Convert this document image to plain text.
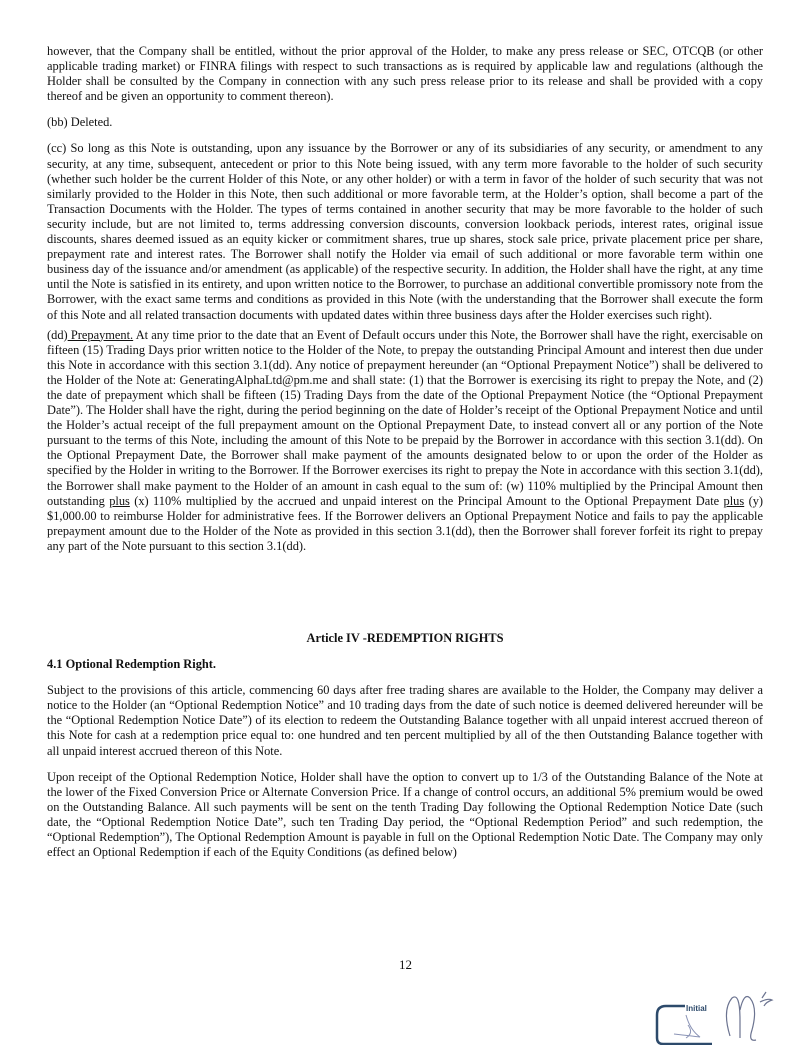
however, that the Company shall be entitled, without the prior approval of the Holder, to make any press release or SEC, OTCQB (or other applicable trading market) or FINRA filings with respect to such transactions as is required by applicable law and regulations (although the Holder shall be consulted by the Company in connection with any such press release prior to its release and shall be provided with a copy thereof and be given an opportunity to comment thereon).

(bb) Deleted.

(cc) So long as this Note is outstanding, upon any issuance by the Borrower or any of its subsidiaries of any security, or amendment to any security, at any time, subsequent, antecedent or prior to this Note being issued, with any term more favorable to the holder of such security (whether such holder be the current Holder of this Note, or any other holder) or with a term in favor of the holder of such security that was not similarly provided to the Holder in this Note, then such additional or more favorable term, at the Holder’s option, shall become a part of the Transaction Documents with the Holder. The types of terms contained in another security that may be more favorable to the holder of such security include, but are not limited to, terms addressing conversion discounts, conversion lookback periods, interest rates, original issue discounts, shares deemed issued as an equity kicker or commitment shares, true up shares, stock sale price, private placement price per share, prepayment rate and interest rates. The Borrower shall notify the Holder via email of such additional or more favorable term within one business day of the issuance and/or amendment (as applicable) of the respective security. In addition, the Holder shall have the right, at any time until the Note is satisfied in its entirety, and upon written notice to the Borrower, to purchase an additional convertible promissory note from the Borrower, with the exact same terms and conditions as provided in this Note (with the understanding that the Borrower shall execute the form of this Note and all related transaction documents with updated dates within three business days after the Holder exercises such right).

(dd) Prepayment. At any time prior to the date that an Event of Default occurs under this Note, the Borrower shall have the right, exercisable on fifteen (15) Trading Days prior written notice to the Holder of the Note, to prepay the outstanding Principal Amount and interest then due under this Note in accordance with this section 3.1(dd). Any notice of prepayment hereunder (an “Optional Prepayment Notice”) shall be delivered to the Holder of the Note at: GeneratingAlphaLtd@pm.me and shall state: (1) that the Borrower is exercising its right to prepay the Note, and (2) the date of prepayment which shall be fifteen (15) Trading Days from the date of the Optional Prepayment Notice (the “Optional Prepayment Date”). The Holder shall have the right, during the period beginning on the date of Holder’s receipt of the Optional Prepayment Notice and until the Holder’s actual receipt of the full prepayment amount on the Optional Prepayment Date, to instead convert all or any portion of the Note pursuant to the terms of this Note, including the amount of this Note to be prepaid by the Borrower in accordance with this section 3.1(dd). On the Optional Prepayment Date, the Borrower shall make payment of the amounts designated below to or upon the order of the Holder as specified by the Holder in writing to the Borrower. If the Borrower exercises its right to prepay the Note in accordance with this section 3.1(dd), the Borrower shall make payment to the Holder of an amount in cash equal to the sum of: (w) 110% multiplied by the Principal Amount then outstanding plus (x) 110% multiplied by the accrued and unpaid interest on the Principal Amount to the Optional Prepayment Date plus (y) $1,000.00 to reimburse Holder for administrative fees. If the Borrower delivers an Optional Prepayment Notice and fails to pay the applicable prepayment amount due to the Holder of the Note as provided in this section 3.1(dd), then the Borrower shall forever forfeit its right to prepay any part of the Note pursuant to this section 3.1(dd).

Article IV -REDEMPTION RIGHTS

4.1 Optional Redemption Right.

Subject to the provisions of this article, commencing 60 days after free trading shares are available to the Holder, the Company may deliver a notice to the Holder (an “Optional Redemption Notice” and 10 trading days from the date of such notice is deemed delivered hereunder will be the “Optional Redemption Notice Date”) of its election to redeem the Outstanding Balance together with all unpaid interest accrued thereon of this Note for cash at a redemption price equal to: one hundred and ten percent multiplied by all of the then Outstanding Balance together with all unpaid interest accrued thereon of this Note.

Upon receipt of the Optional Redemption Notice, Holder shall have the option to convert up to 1/3 of the Outstanding Balance of the Note at the lower of the Fixed Conversion Price or Alternate Conversion Price. If a change of control occurs, an additional 5% premium would be owed on the Outstanding Balance. All such payments will be sent on the tenth Trading Day following the Optional Redemption Notice Date (such date, the “Optional Redemption Notice Date”, such ten Trading Day period, the “Optional Redemption Period” and such redemption, the “Optional Redemption”), The Optional Redemption Amount is payable in full on the Optional Redemption Notic Date. The Company may only effect an Optional Redemption if each of the Equity Conditions (as defined below)

12
Initial
